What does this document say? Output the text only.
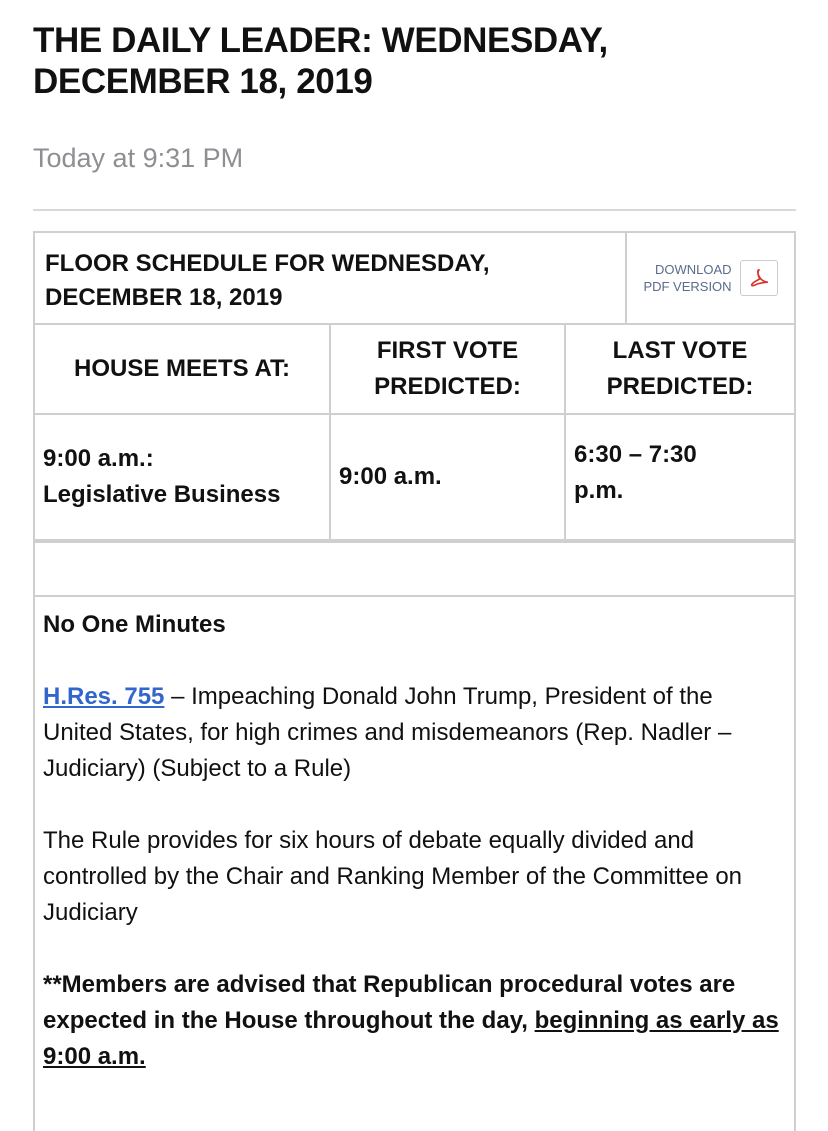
THE DAILY LEADER: WEDNESDAY, DECEMBER 18, 2019
Today at 9:31 PM
FLOOR SCHEDULE FOR WEDNESDAY, DECEMBER 18, 2019
DOWNLOAD
PDF VERSION
HOUSE MEETS AT:
FIRST VOTE PREDICTED:
LAST VOTE PREDICTED:
9:00 a.m.: Legislative Business
9:00 a.m.
6:30 – 7:30 p.m.

No One Minutes

H.Res. 755 – Impeaching Donald John Trump, President of the United States, for high crimes and misdemeanors (Rep. Nadler – Judiciary) (Subject to a Rule)

The Rule provides for six hours of debate equally divided and controlled by the Chair and Ranking Member of the Committee on Judiciary

**Members are advised that Republican procedural votes are expected in the House throughout the day, beginning as early as 9:00 a.m.
